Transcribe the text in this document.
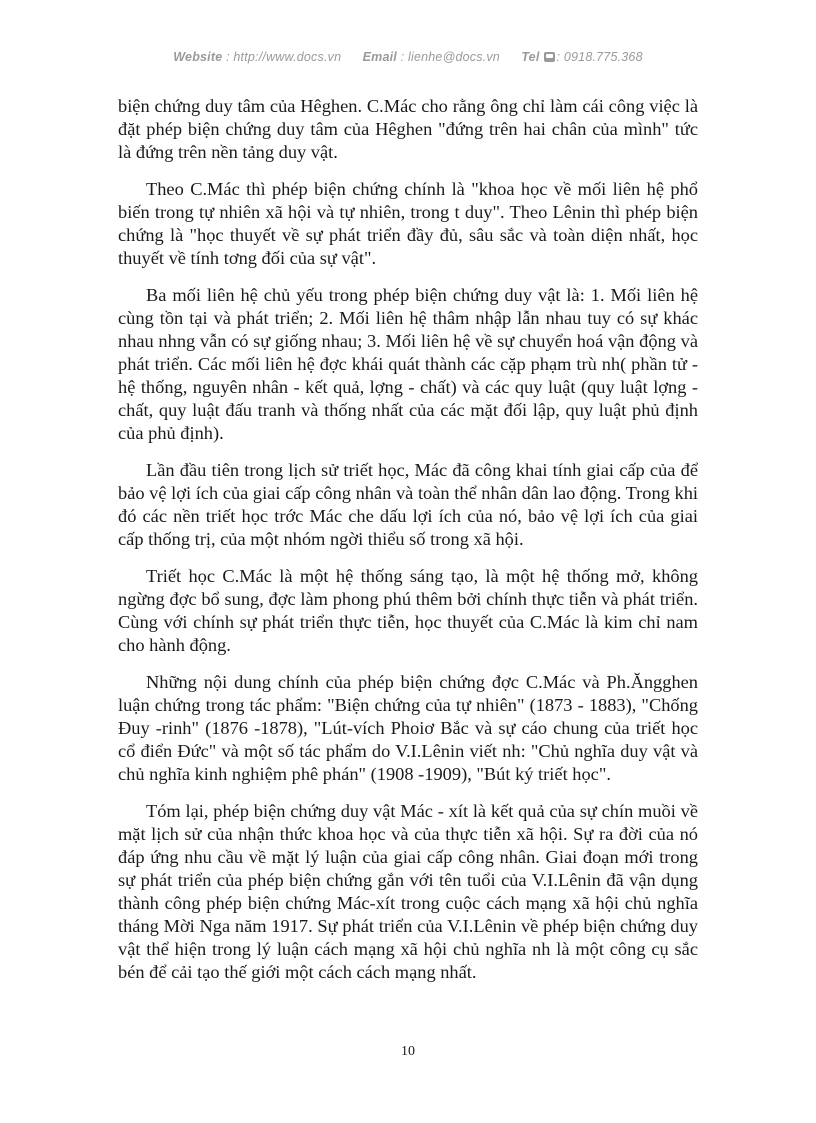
Website : http://www.docs.vn Email : lienhe@docs.vn Tel : 0918.775.368

biện chứng duy tâm của Hêghen. C.Mác cho rằng ông chỉ làm cái công việc là đặt phép biện chứng duy tâm của Hêghen "đứng trên hai chân của mình" tức là đứng trên nền tảng duy vật.

Theo C.Mác thì phép biện chứng chính là "khoa học về mối liên hệ phổ biến trong tự nhiên xã hội và tự nhiên, trong t duy". Theo Lênin thì phép biện chứng là "học thuyết về sự phát triển đầy đủ, sâu sắc và toàn diện nhất, học thuyết về tính tơng đối của sự vật".

Ba mối liên hệ chủ yếu trong phép biện chứng duy vật là: 1. Mối liên hệ cùng tồn tại và phát triển; 2. Mối liên hệ thâm nhập lẫn nhau tuy có sự khác nhau nhng vẫn có sự giống nhau; 3. Mối liên hệ về sự chuyển hoá vận động và phát triển. Các mối liên hệ đợc khái quát thành các cặp phạm trù nh( phần tử - hệ thống, nguyên nhân - kết quả, lợng - chất) và các quy luật (quy luật lợng - chất, quy luật đấu tranh và thống nhất của các mặt đối lập, quy luật phủ định của phủ định).

Lần đầu tiên trong lịch sử triết học, Mác đã công khai tính giai cấp của để bảo vệ lợi ích của giai cấp công nhân và toàn thể nhân dân lao động. Trong khi đó các nền triết học trớc Mác che dấu lợi ích của nó, bảo vệ lợi ích của giai cấp thống trị, của một nhóm ngời thiểu số trong xã hội.

Triết học C.Mác là một hệ thống sáng tạo, là một hệ thống mở, không ngừng đợc bổ sung, đợc làm phong phú thêm bởi chính thực tiễn và phát triển. Cùng với chính sự phát triển thực tiễn, học thuyết của C.Mác là kim chỉ nam cho hành động.

Những nội dung chính của phép biện chứng đợc C.Mác và Ph.Ăngghen luận chứng trong tác phẩm: "Biện chứng của tự nhiên" (1873 - 1883), "Chống Đuy -rinh" (1876 -1878), "Lút-vích Phoiơ Bắc và sự cáo chung của triết học cổ điển Đức" và một số tác phẩm do V.I.Lênin viết nh: "Chủ nghĩa duy vật và chủ nghĩa kinh nghiệm phê phán" (1908 -1909), "Bút ký triết học".

Tóm lại, phép biện chứng duy vật Mác - xít là kết quả của sự chín muồi về mặt lịch sử của nhận thức khoa học và của thực tiễn xã hội. Sự ra đời của nó đáp ứng nhu cầu về mặt lý luận của giai cấp công nhân. Giai đoạn mới trong sự phát triển của phép biện chứng gắn với tên tuổi của V.I.Lênin đã vận dụng thành công phép biện chứng Mác-xít trong cuộc cách mạng xã hội chủ nghĩa tháng Mời Nga năm 1917. Sự phát triển của V.I.Lênin về phép biện chứng duy vật thể hiện trong lý luận cách mạng xã hội chủ nghĩa nh là một công cụ sắc bén để cải tạo thế giới một cách cách mạng nhất.

10
